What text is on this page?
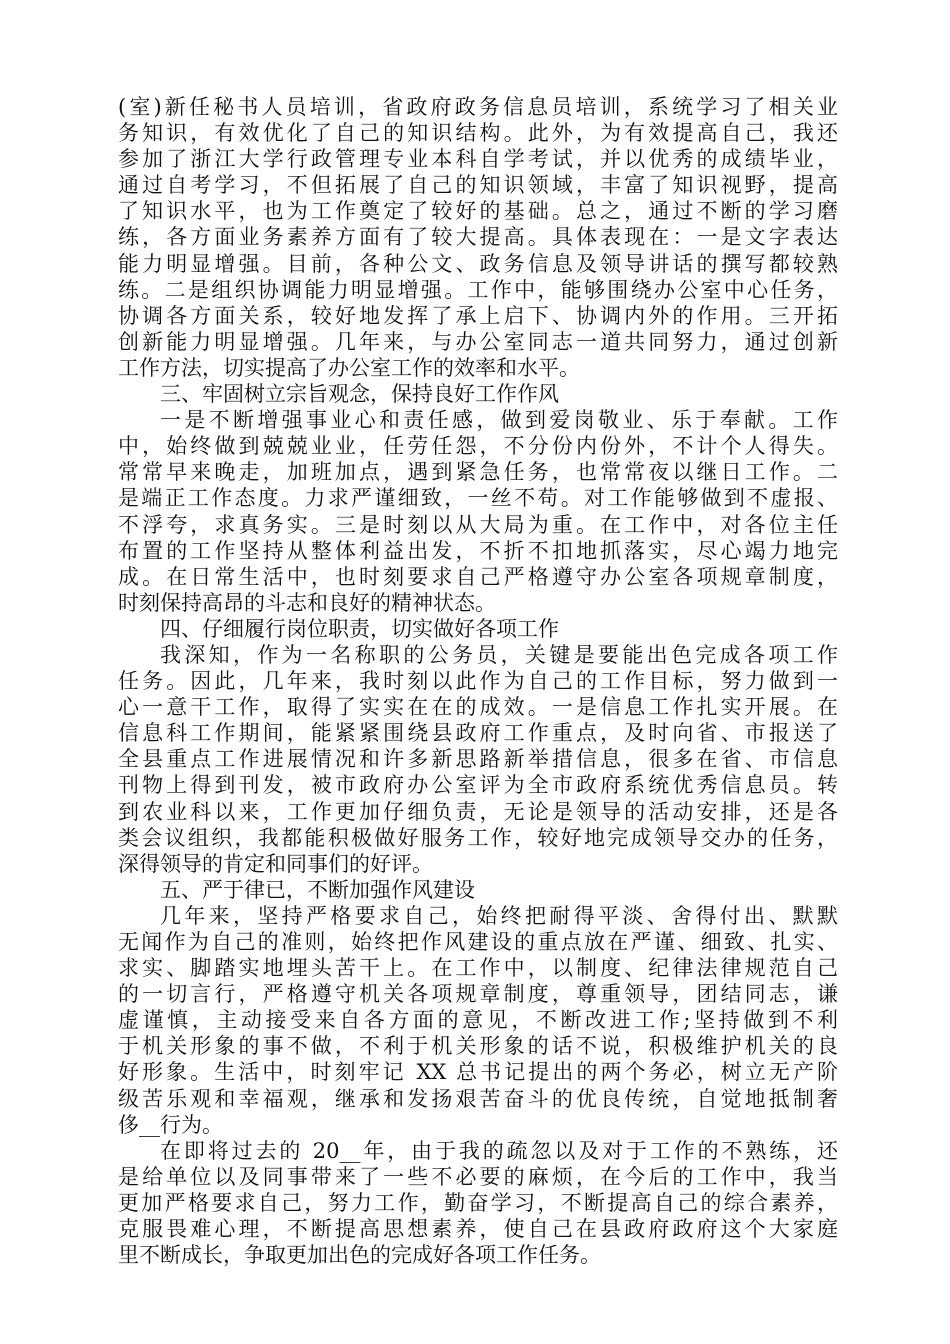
(室)新任秘书人员培训，省政府政务信息员培训，系统学习了相关业
务知识，有效优化了自己的知识结构。此外，为有效提高自己，我还
参加了浙江大学行政管理专业本科自学考试，并以优秀的成绩毕业，
通过自考学习，不但拓展了自己的知识领域，丰富了知识视野，提高
了知识水平，也为工作奠定了较好的基础。总之，通过不断的学习磨
练，各方面业务素养方面有了较大提高。具体表现在：一是文字表达
能力明显增强。目前，各种公文、政务信息及领导讲话的撰写都较熟
练。二是组织协调能力明显增强。工作中，能够围绕办公室中心任务，
协调各方面关系，较好地发挥了承上启下、协调内外的作用。三开拓
创新能力明显增强。几年来，与办公室同志一道共同努力，通过创新
工作方法，切实提高了办公室工作的效率和水平。
三、牢固树立宗旨观念，保持良好工作作风
一是不断增强事业心和责任感，做到爱岗敬业、乐于奉献。工作
中，始终做到兢兢业业，任劳任怨，不分份内份外，不计个人得失。
常常早来晚走，加班加点，遇到紧急任务，也常常夜以继日工作。二
是端正工作态度。力求严谨细致，一丝不苟。对工作能够做到不虚报、
不浮夸，求真务实。三是时刻以从大局为重。在工作中，对各位主任
布置的工作坚持从整体利益出发，不折不扣地抓落实，尽心竭力地完
成。在日常生活中，也时刻要求自己严格遵守办公室各项规章制度，
时刻保持高昂的斗志和良好的精神状态。
四、仔细履行岗位职责，切实做好各项工作
我深知，作为一名称职的公务员，关键是要能出色完成各项工作
任务。因此，几年来，我时刻以此作为自己的工作目标，努力做到一
心一意干工作，取得了实实在在的成效。一是信息工作扎实开展。在
信息科工作期间，能紧紧围绕县政府工作重点，及时向省、市报送了
全县重点工作进展情况和许多新思路新举措信息，很多在省、市信息
刊物上得到刊发，被市政府办公室评为全市政府系统优秀信息员。转
到农业科以来，工作更加仔细负责，无论是领导的活动安排，还是各
类会议组织，我都能积极做好服务工作，较好地完成领导交办的任务，
深得领导的肯定和同事们的好评。
五、严于律已，不断加强作风建设
几年来，坚持严格要求自己，始终把耐得平淡、舍得付出、默默
无闻作为自己的准则，始终把作风建设的重点放在严谨、细致、扎实、
求实、脚踏实地埋头苦干上。在工作中，以制度、纪律法律规范自己
的一切言行，严格遵守机关各项规章制度，尊重领导，团结同志，谦
虚谨慎，主动接受来自各方面的意见，不断改进工作;坚持做到不利
于机关形象的事不做，不利于机关形象的话不说，积极维护机关的良
好形象。生活中，时刻牢记 XX 总书记提出的两个务必，树立无产阶
级苦乐观和幸福观，继承和发扬艰苦奋斗的优良传统，自觉地抵制奢
侈__行为。
在即将过去的 20__年，由于我的疏忽以及对于工作的不熟练，还
是给单位以及同事带来了一些不必要的麻烦，在今后的工作中，我当
更加严格要求自己，努力工作，勤奋学习，不断提高自己的综合素养，
克服畏难心理，不断提高思想素养，使自己在县政府政府这个大家庭
里不断成长，争取更加出色的完成好各项工作任务。
